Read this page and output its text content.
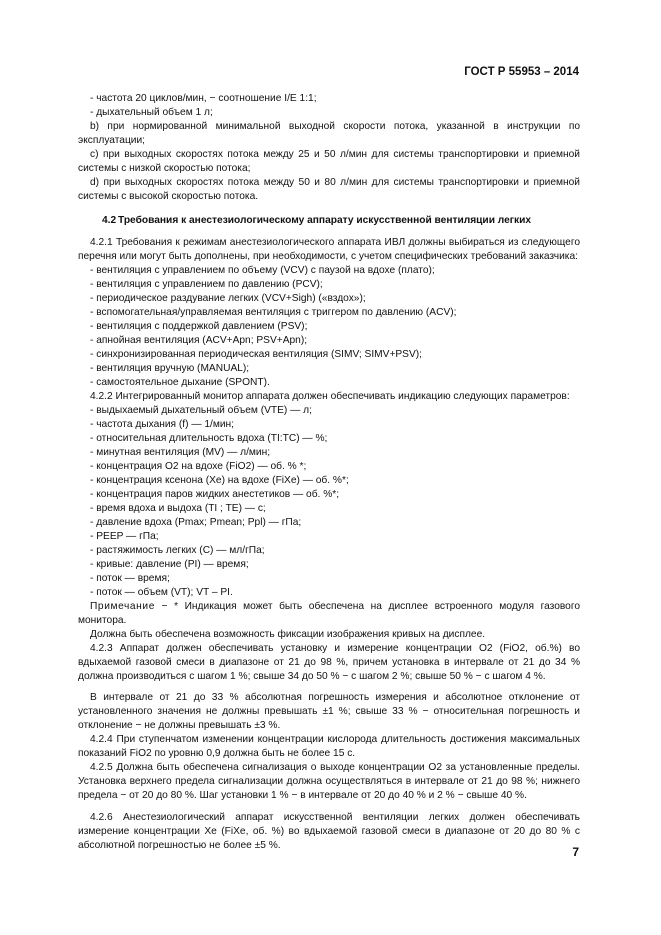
ГОСТ Р 55953 – 2014

- частота 20 циклов/мин, − соотношение I/E 1:1;

- дыхательный объем 1 л;

b) при нормированной минимальной выходной скорости потока, указанной в инструкции по эксплуатации;

c) при выходных скоростях потока между 25 и 50 л/мин для системы транспортировки и приемной системы с низкой скоростью потока;

d) при выходных скоростях потока между 50 и 80 л/мин для системы транспортировки и приемной системы с высокой скоростью потока.

4.2 Требования к анестезиологическому аппарату искусственной вентиляции легких

4.2.1 Требования к режимам анестезиологического аппарата ИВЛ должны выбираться из следующего перечня или могут быть дополнены, при необходимости, с учетом специфических требований заказчика:

- вентиляция с управлением по объему (VCV) с паузой на вдохе (плато);

- вентиляция с управлением по давлению (PCV);

- периодическое раздувание легких (VCV+Sigh) («вздох»);

- вспомогательная/управляемая вентиляция с триггером по давлению (ACV);

- вентиляция с поддержкой давлением (PSV);

- апнойная вентиляция (ACV+Apn; PSV+Apn);

- синхронизированная периодическая вентиляция (SIMV; SIMV+PSV);

- вентиляция вручную (MANUAL);

- самостоятельное дыхание (SPONT).

4.2.2 Интегрированный монитор аппарата должен обеспечивать индикацию следующих параметров:

- выдыхаемый дыхательный объем (VTE) — л;

- частота дыхания (f) — 1/мин;

- относительная длительность вдоха (TI:TC) — %;

- минутная вентиляция (MV) — л/мин;

- концентрация O2 на вдохе (FiO2) — об. % *;

- концентрация ксенона (Xe) на вдохе (FiXe) — об. %*;

- концентрация паров жидких анестетиков — об. %*;

- время вдоха и выдоха (TI ; TE) — с;

- давление вдоха (Pmax; Pmean; Ppl) — гПа;

- PEEP — гПа;

- растяжимость легких (C) — мл/гПа;

- кривые: давление (PI) — время;

- поток — время;

- поток — объем (VT); VT – PI.

Примечание − * Индикация может быть обеспечена на дисплее встроенного модуля газового монитора.

Должна быть обеспечена возможность фиксации изображения кривых на дисплее.

4.2.3 Аппарат должен обеспечивать установку и измерение концентрации O2 (FiO2, об.%) во вдыхаемой газовой смеси в диапазоне от 21 до 98 %, причем установка в интервале от 21 до 34 % должна производиться с шагом 1 %; свыше 34 до 50 % − с шагом 2 %; свыше 50 % − с шагом 4 %.

В интервале от 21 до 33 % абсолютная погрешность измерения и абсолютное отклонение от установленного значения не должны превышать ±1 %; свыше 33 % − относительная погрешность и отклонение − не должны превышать ±3 %.

4.2.4 При ступенчатом изменении концентрации кислорода длительность достижения максимальных показаний FiO2 по уровню 0,9 должна быть не более 15 с.

4.2.5 Должна быть обеспечена сигнализация о выходе концентрации O2 за установленные пределы. Установка верхнего предела сигнализации должна осуществляться в интервале от 21 до 98 %; нижнего предела − от 20 до 80 %. Шаг установки 1 % − в интервале от 20 до 40 % и 2 % − свыше 40 %.

4.2.6 Анестезиологический аппарат искусственной вентиляции легких должен обеспечивать измерение концентрации Xe (FiXe, об. %) во вдыхаемой газовой смеси в диапазоне от 20 до 80 % с абсолютной погрешностью не более ±5 %.	7
